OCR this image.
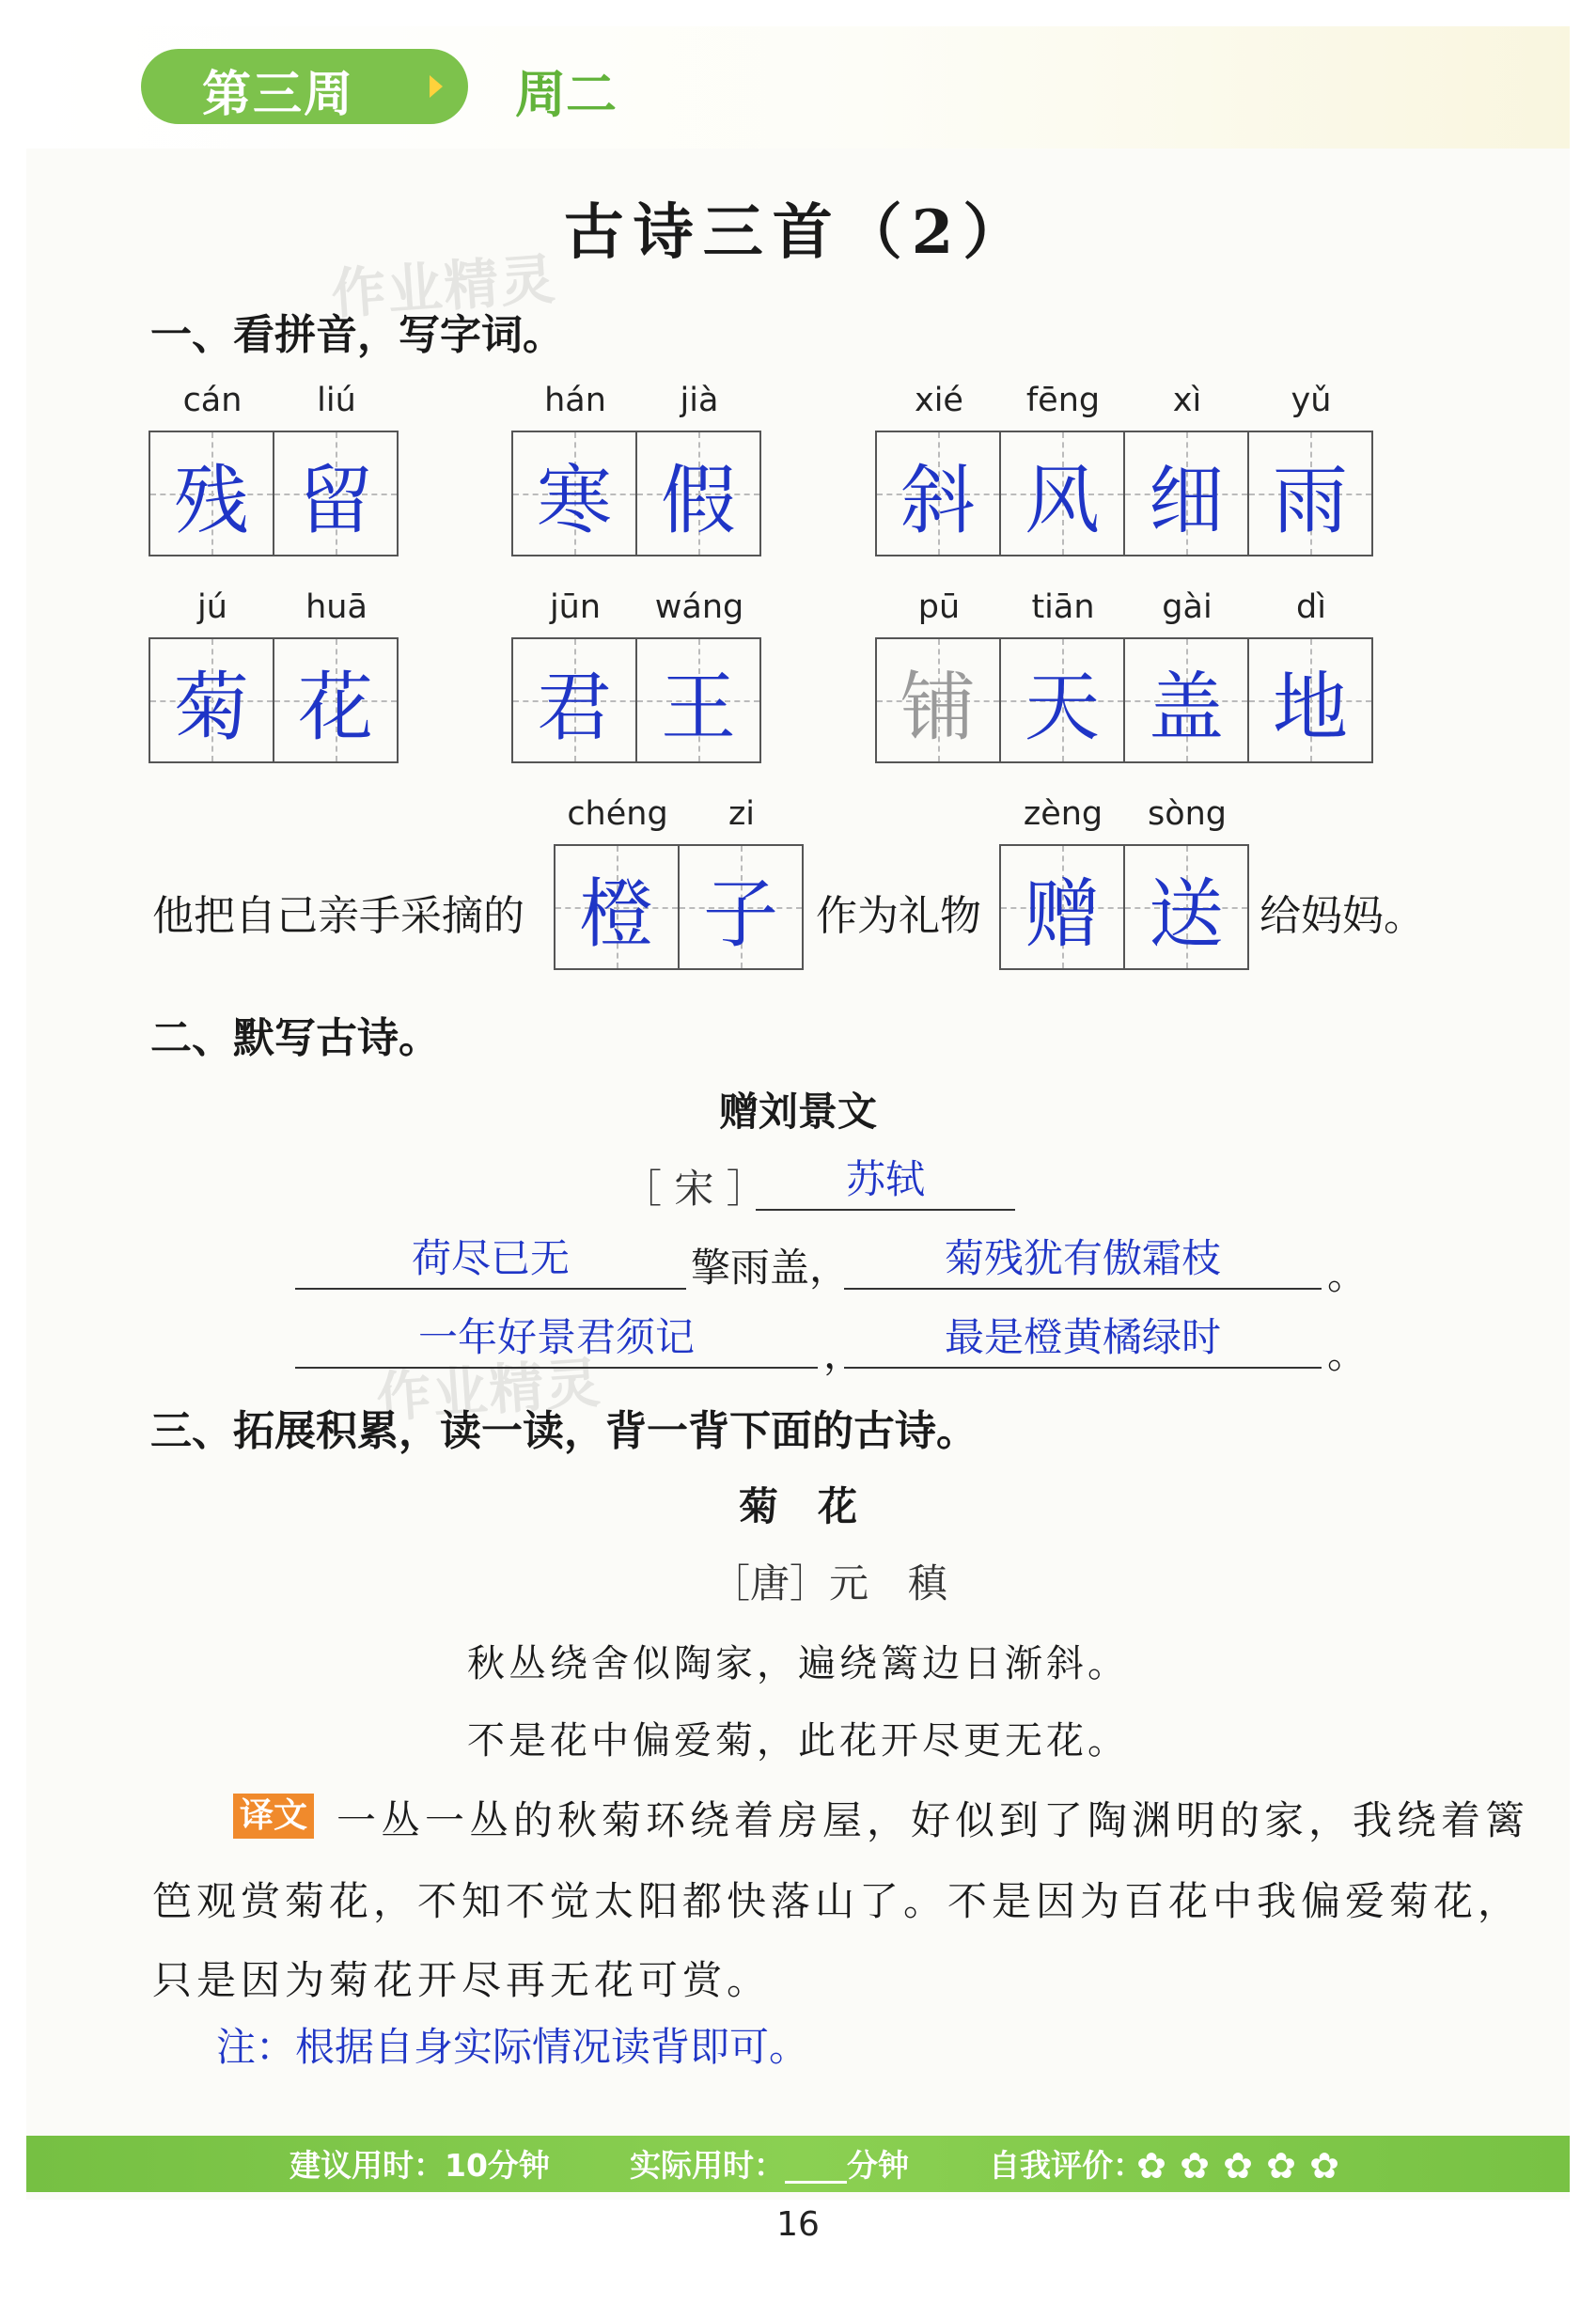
第三周	周二
古诗三首（2）
作业精灵
作业精灵
一、看拼音，写字词。
cán	liú
残 留
hán	jià
寒 假
xié	fēng	xì	yǔ
斜 风 细 雨
jú	huā
菊 花
jūn	wáng
君 王
pū	tiān	gài	dì
铺 天 盖 地
他把自己亲手采摘的
chéng	zi
橙 子 作为礼物
zèng	sòng
赠 送 给妈妈。
二、默写古诗。
赠刘景文
［ 宋 ］	苏轼
荷尽已无	擎雨盖，	菊残犹有傲霜枝	。
一年好景君须记	，	最是橙黄橘绿时	。
三、拓展积累，读一读，背一背下面的古诗。
菊　花
［唐］元　稹
秋丛绕舍似陶家，遍绕篱边日渐斜。
不是花中偏爱菊，此花开尽更无花。
译文 一丛一丛的秋菊环绕着房屋，好似到了陶渊明的家，我绕着篱
笆观赏菊花，不知不觉太阳都快落山了。不是因为百花中我偏爱菊花，
只是因为菊花开尽再无花可赏。
注：根据自身实际情况读背即可。
建议用时：10分钟	实际用时：____分钟	自我评价：
✿ ✿ ✿ ✿ ✿
16
